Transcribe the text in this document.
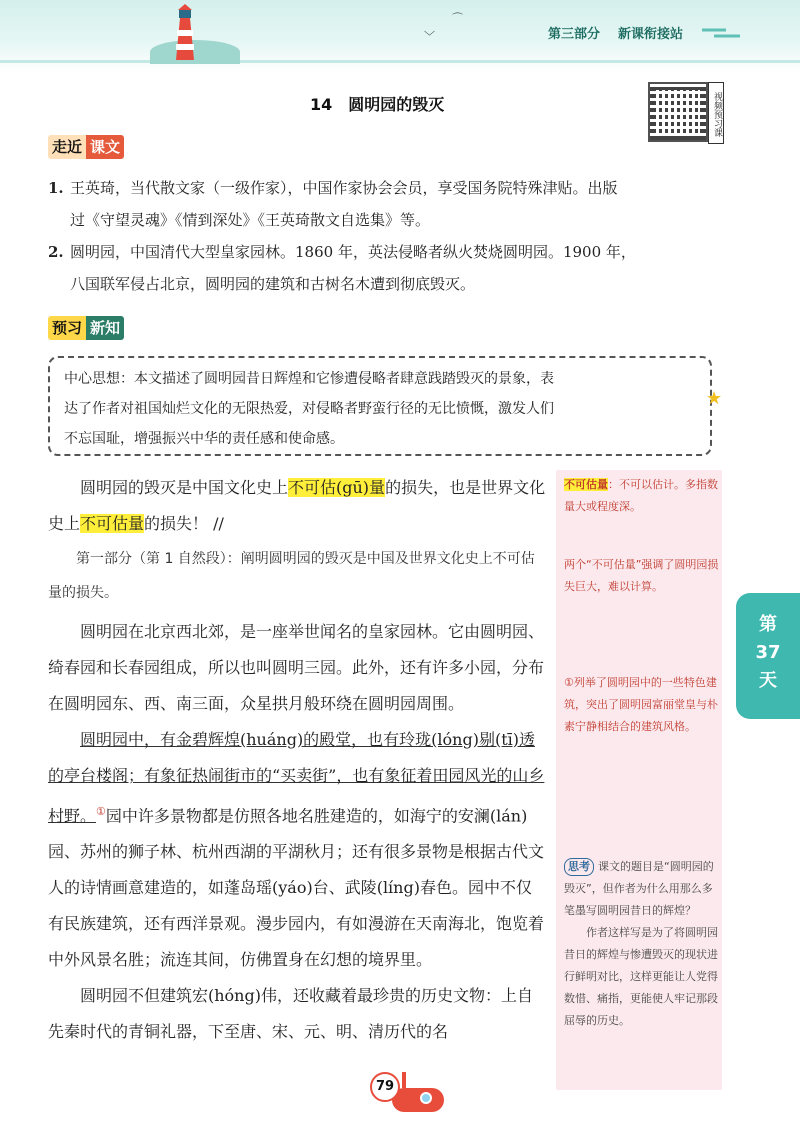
⌒
﹀	第三部分 新课衔接站
14　圆明园的毁灭	视频预习课
走近 课文
1. 王英琦，当代散文家（一级作家），中国作家协会会员，享受国务院特殊津贴。出版
过《守望灵魂》《情到深处》《王英琦散文自选集》等。
2. 圆明园，中国清代大型皇家园林。1860 年，英法侵略者纵火焚烧圆明园。1900 年，
八国联军侵占北京，圆明园的建筑和古树名木遭到彻底毁灭。
预习 新知
中心思想：本文描述了圆明园昔日辉煌和它惨遭侵略者肆意践踏毁灭的景象，表
达了作者对祖国灿烂文化的无限热爱，对侵略者野蛮行径的无比愤慨，激发人们
不忘国耻，增强振兴中华的责任感和使命感。
★
圆明园的毁灭是中国文化史上不可估(gū)量的损失，也是世界文化史上不可估量的损失！ //
第一部分（第 1 自然段）：阐明圆明园的毁灭是中国及世界文化史上不可估量的损失。
圆明园在北京西北郊，是一座举世闻名的皇家园林。它由圆明园、绮春园和长春园组成，所以也叫圆明三园。此外，还有许多小园，分布在圆明园东、西、南三面，众星拱月般环绕在圆明园周围。
圆明园中，有金碧辉煌(huáng)的殿堂，也有玲珑(lóng)剔(tī)透的亭台楼阁；有象征热闹街市的“买卖街”，也有象征着田园风光的山乡村野。①园中许多景物都是仿照各地名胜建造的，如海宁的安澜(lán)园、苏州的狮子林、杭州西湖的平湖秋月；还有很多景物是根据古代文人的诗情画意建造的，如蓬岛瑶(yáo)台、武陵(líng)春色。园中不仅有民族建筑，还有西洋景观。漫步园内，有如漫游在天南海北，饱览着中外风景名胜；流连其间，仿佛置身在幻想的境界里。
圆明园不但建筑宏(hóng)伟，还收藏着最珍贵的历史文物：上自先秦时代的青铜礼器，下至唐、宋、元、明、清历代的名
不可估量：不可以估计。多指数量大或程度深。
两个“不可估量”强调了圆明园损失巨大，难以计算。
①列举了圆明园中的一些特色建筑，突出了圆明园富丽堂皇与朴素宁静相结合的建筑风格。
思考 课文的题目是“圆明园的毁灭”，但作者为什么用那么多笔墨写圆明园昔日的辉煌？
作者这样写是为了将圆明园昔日的辉煌与惨遭毁灭的现状进行鲜明对比，这样更能让人党得数惜、痛指，更能使人牢记那段屈辱的历史。
第
37
天
79
